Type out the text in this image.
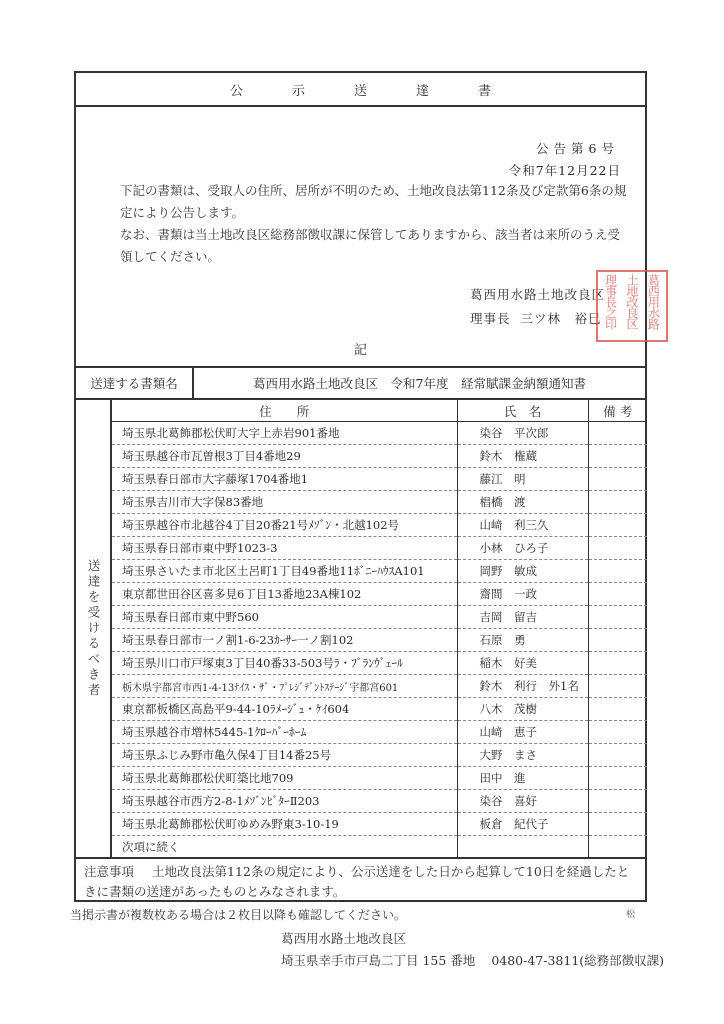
公	示	送	達	書
公告第6号
令和7年12月22日

下記の書類は、受取人の住所、居所が不明のため、土地改良法第112条及び定款第6条の規定により公告します。

なお、書類は当土地改良区総務部徴収課に保管してありますから、該当者は来所のうえ受領してください。

葛西用水路土地改良区
理事長 三ツ林　裕巳
記
送達する書類名	葛西用水路土地改良区　令和7年度　経常賦課金納額通知書
送達を受けるべき者
住　　所	氏　名	備 考
埼玉県北葛飾郡松伏町大字上赤岩901番地	染谷　平次郎	
埼玉県越谷市瓦曽根3丁目4番地29	鈴木　権蔵	
埼玉県春日部市大字藤塚1704番地1	藤江　明	
埼玉県吉川市大字保83番地	椙橋　渡	
埼玉県越谷市北越谷4丁目20番21号ﾒｿﾞﾝ・北越102号	山﨑　利三久	
埼玉県春日部市東中野1023-3	小林　ひろ子	
埼玉県さいたま市北区土呂町1丁目49番地11ﾎﾞﾆｰﾊｳｽA101	岡野　敏成	
東京都世田谷区喜多見6丁目13番地23A棟102	齋間　一政	
埼玉県春日部市東中野560	吉岡　留吉	
埼玉県春日部市一ノ割1-6-23ｶｰｻｰ一ノ割102	石原　勇	
埼玉県川口市戸塚東3丁目40番33-503号ﾗ・ﾌﾟﾗﾝｳﾞｪｰﾙ	稲木　好美	
栃木県宇都宮市西1-4-13ﾅｲｽ・ｻﾞ・ﾌﾟﾚｼﾞﾃﾞﾝﾄｽﾃｰｼﾞ宇都宮601	鈴木　利行　外1名	
東京都板橋区高島平9-44-10ﾗﾒｰｼﾞｭ・ｹｲ604	八木　茂樹	
埼玉県越谷市増林5445-1ｸﾛｰﾊﾞｰﾎｰﾑ	山﨑　恵子	
埼玉県ふじみ野市亀久保4丁目14番25号	大野　まさ	
埼玉県北葛飾郡松伏町築比地709	田中　進	
埼玉県越谷市西方2-8-1ﾒｿﾞﾝﾋﾞﾀｰⅡ203	染谷　喜好	
埼玉県北葛飾郡松伏町ゆめみ野東3-10-19	板倉　紀代子	
次項に続く		
注意事項 土地改良法第112条の規定により、公示送達をした日から起算して10日を経過したときに書類の送達があったものとみなされます。
葛西用水路
土地改良区
理事長之印
当掲示書が複数枚ある場合は２枚目以降も確認してください。	松
葛西用水路土地改良区
埼玉県幸手市戸島二丁目 155 番地 0480-47-3811(総務部徴収課)
